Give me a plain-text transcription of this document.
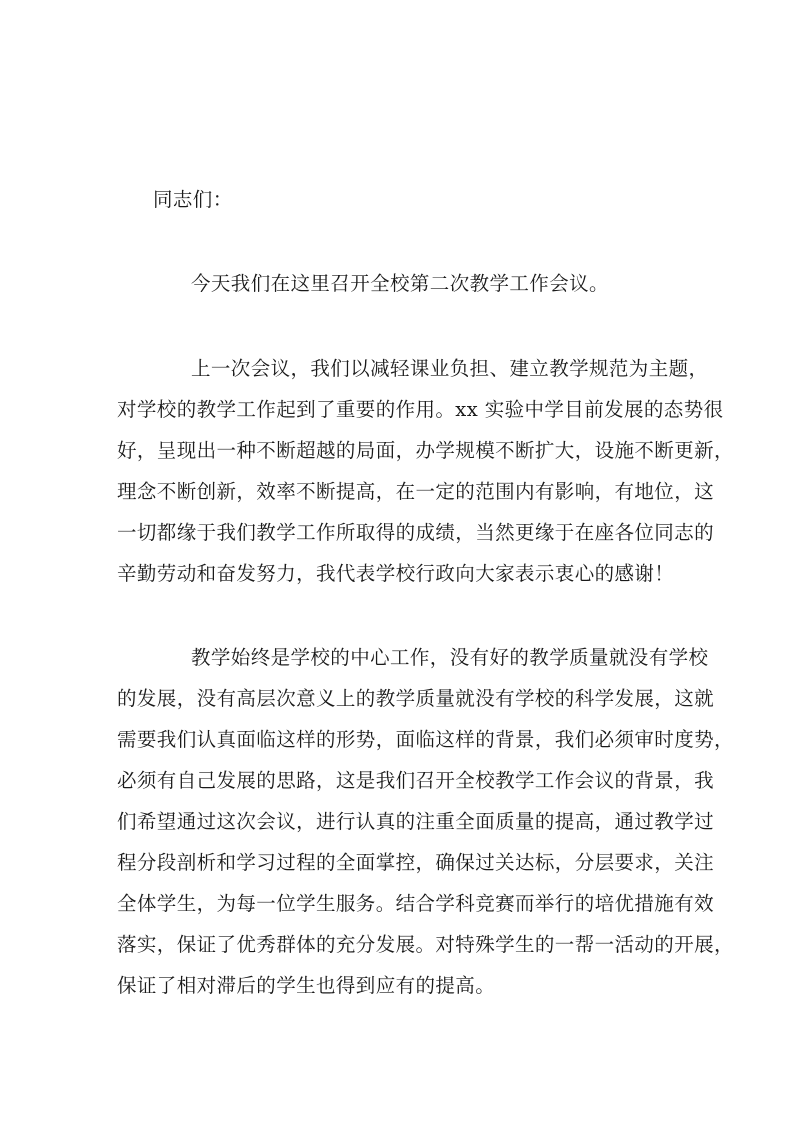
同志们：
今天我们在这里召开全校第二次教学工作会议。
上一次会议，我们以减轻课业负担、建立教学规范为主题，
对学校的教学工作起到了重要的作用。xx 实验中学目前发展的态势很
好，呈现出一种不断超越的局面，办学规模不断扩大，设施不断更新，
理念不断创新，效率不断提高，在一定的范围内有影响，有地位，这
一切都缘于我们教学工作所取得的成绩，当然更缘于在座各位同志的
辛勤劳动和奋发努力，我代表学校行政向大家表示衷心的感谢！
教学始终是学校的中心工作，没有好的教学质量就没有学校
的发展，没有高层次意义上的教学质量就没有学校的科学发展，这就
需要我们认真面临这样的形势，面临这样的背景，我们必须审时度势，
必须有自己发展的思路，这是我们召开全校教学工作会议的背景，我
们希望通过这次会议，进行认真的注重全面质量的提高，通过教学过
程分段剖析和学习过程的全面掌控，确保过关达标，分层要求，关注
全体学生，为每一位学生服务。结合学科竞赛而举行的培优措施有效
落实，保证了优秀群体的充分发展。对特殊学生的一帮一活动的开展，
保证了相对滞后的学生也得到应有的提高。
